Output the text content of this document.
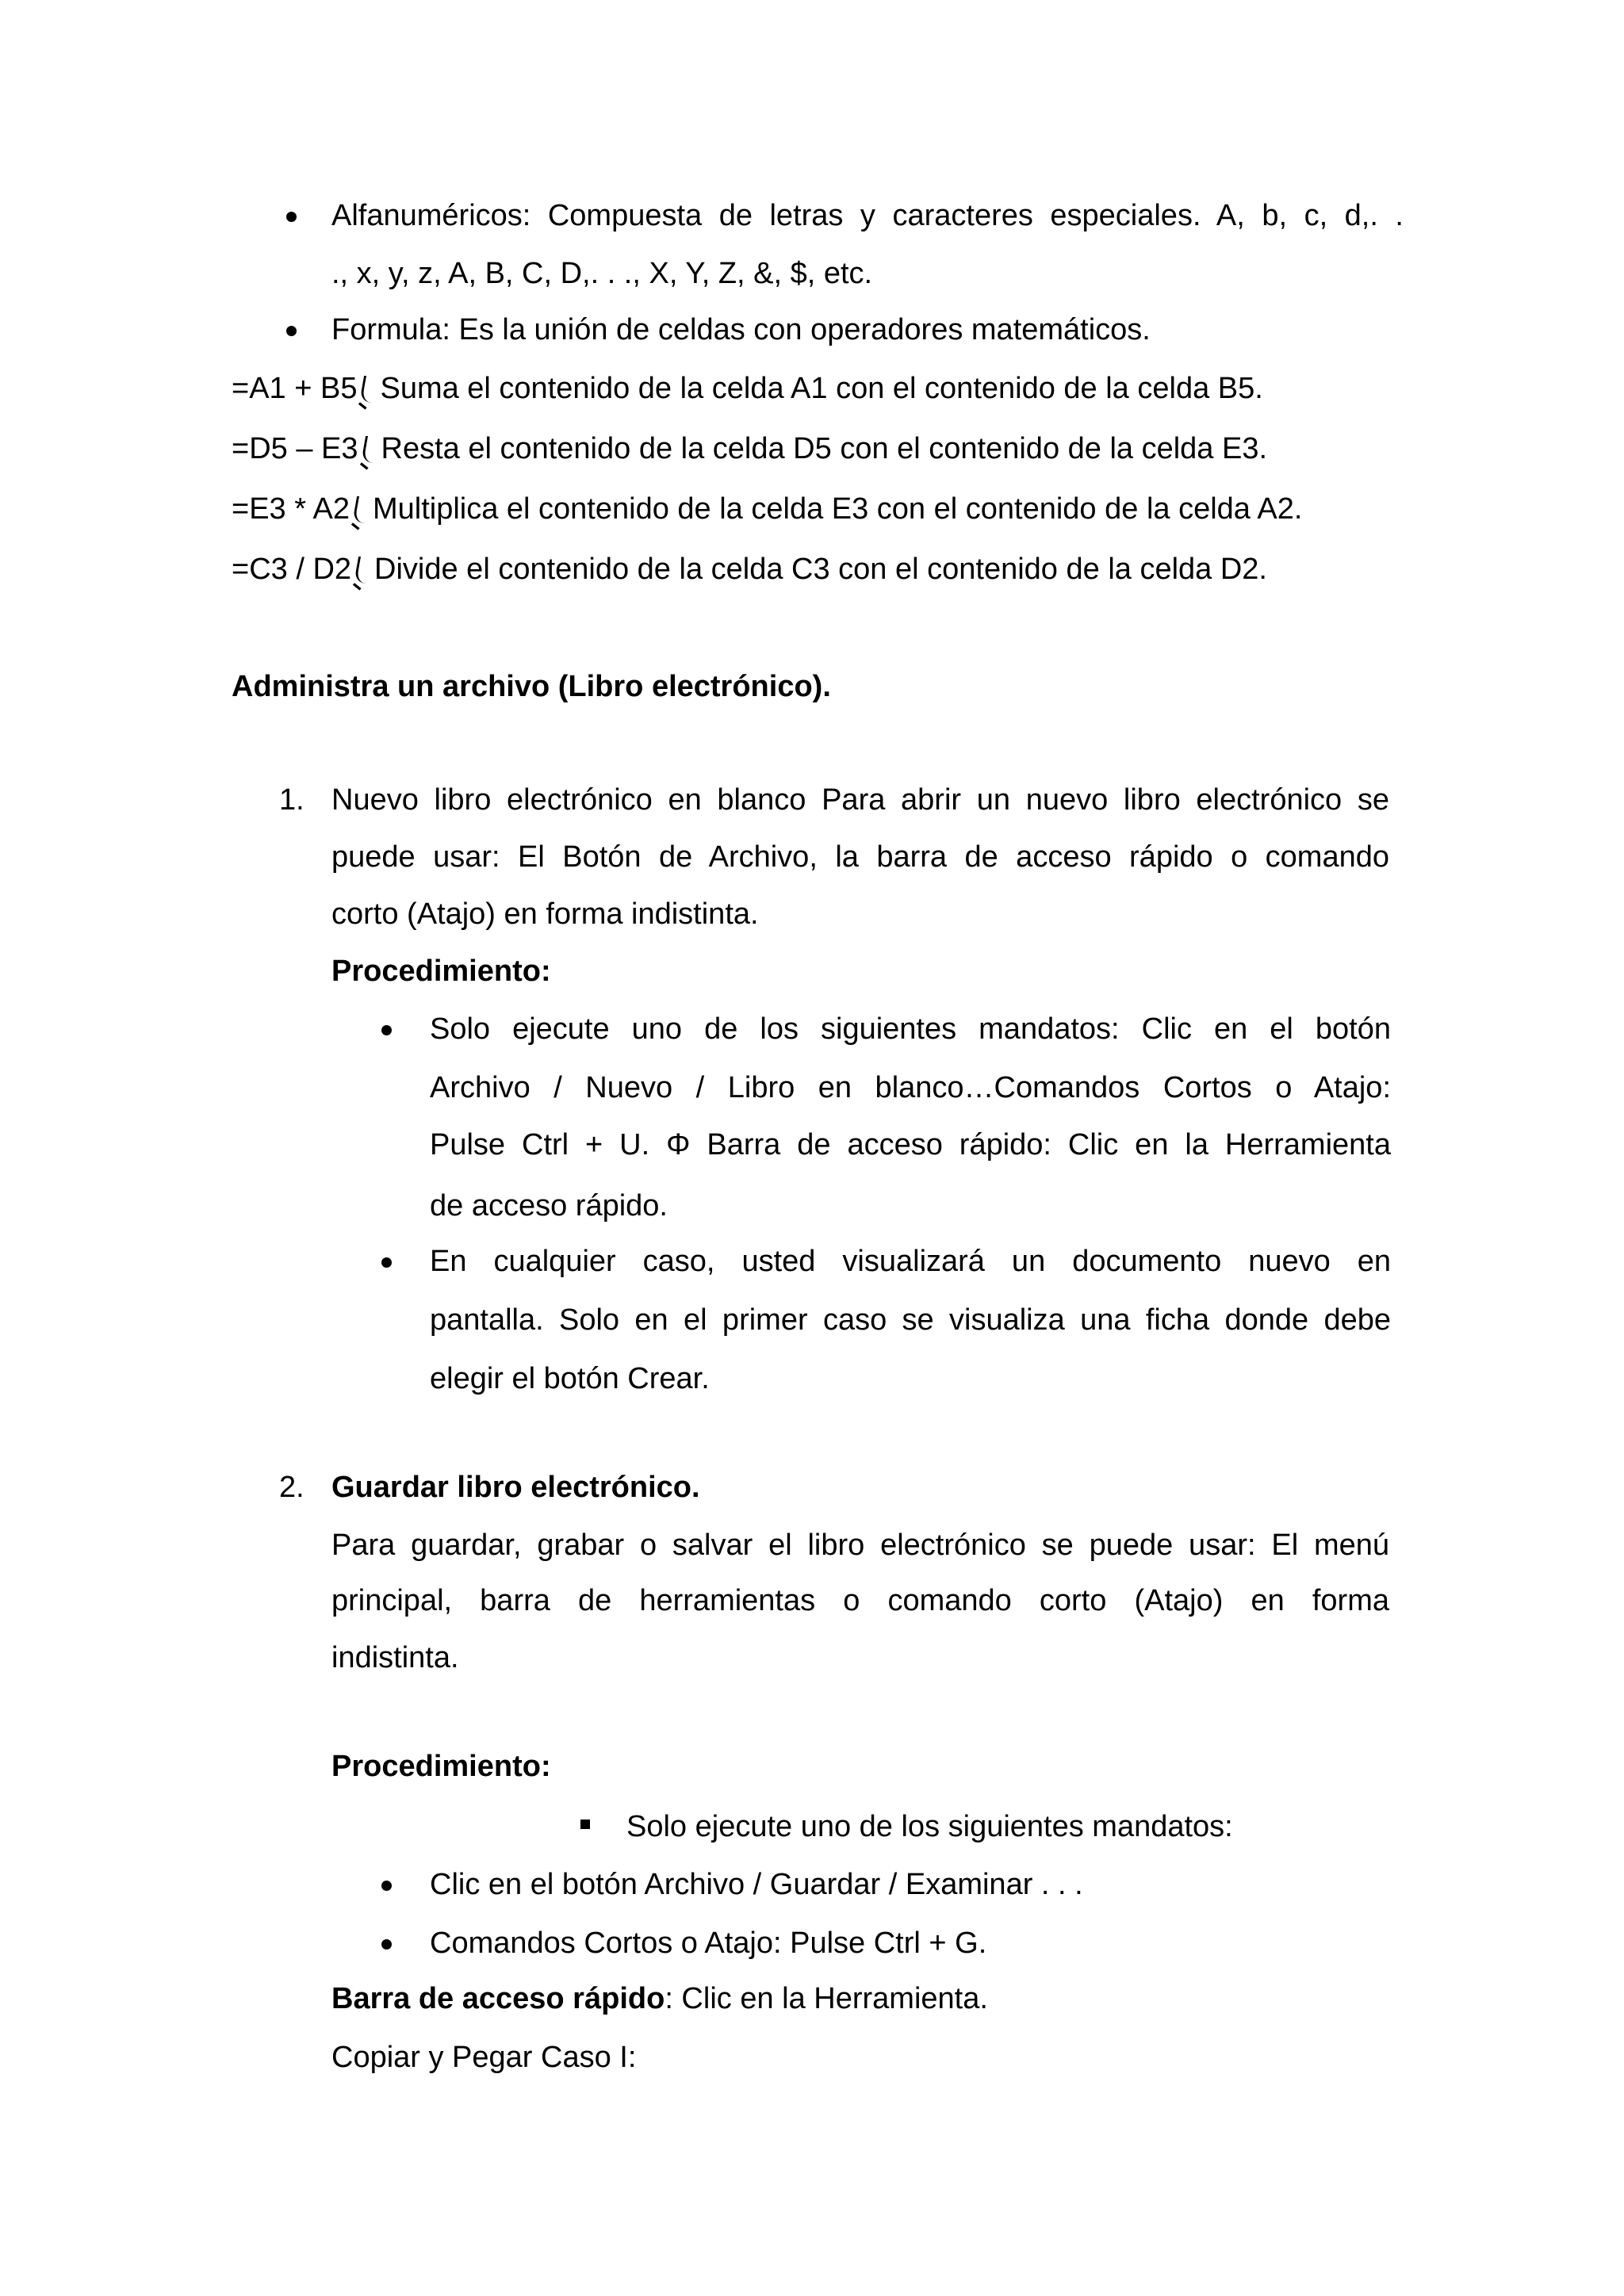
Alfanuméricos: Compuesta de letras y caracteres especiales. A, b, c, d,. .
., x, y, z, A, B, C, D,. . ., X, Y, Z, &, $, etc.
Formula: Es la unión de celdas con operadores matemáticos.
=A1 + B5 Suma el contenido de la celda A1 con el contenido de la celda B5.
=D5 – E3 Resta el contenido de la celda D5 con el contenido de la celda E3.
=E3 * A2 Multiplica el contenido de la celda E3 con el contenido de la celda A2.
=C3 / D2 Divide el contenido de la celda C3 con el contenido de la celda D2.
Administra un archivo (Libro electrónico).
1. Nuevo libro electrónico en blanco Para abrir un nuevo libro electrónico se
puede usar: El Botón de Archivo, la barra de acceso rápido o comando
corto (Atajo) en forma indistinta.
Procedimiento:
Solo ejecute uno de los siguientes mandatos: Clic en el botón
Archivo / Nuevo / Libro en blanco…Comandos Cortos o Atajo:
Pulse Ctrl + U. Φ Barra de acceso rápido: Clic en la Herramienta
de acceso rápido.
En cualquier caso, usted visualizará un documento nuevo en
pantalla. Solo en el primer caso se visualiza una ficha donde debe
elegir el botón Crear.
2. Guardar libro electrónico.
Para guardar, grabar o salvar el libro electrónico se puede usar: El menú
principal, barra de herramientas o comando corto (Atajo) en forma
indistinta.
Procedimiento:
Solo ejecute uno de los siguientes mandatos:
Clic en el botón Archivo / Guardar / Examinar . . .
Comandos Cortos o Atajo: Pulse Ctrl + G.
Barra de acceso rápido: Clic en la Herramienta.
Copiar y Pegar Caso I:
